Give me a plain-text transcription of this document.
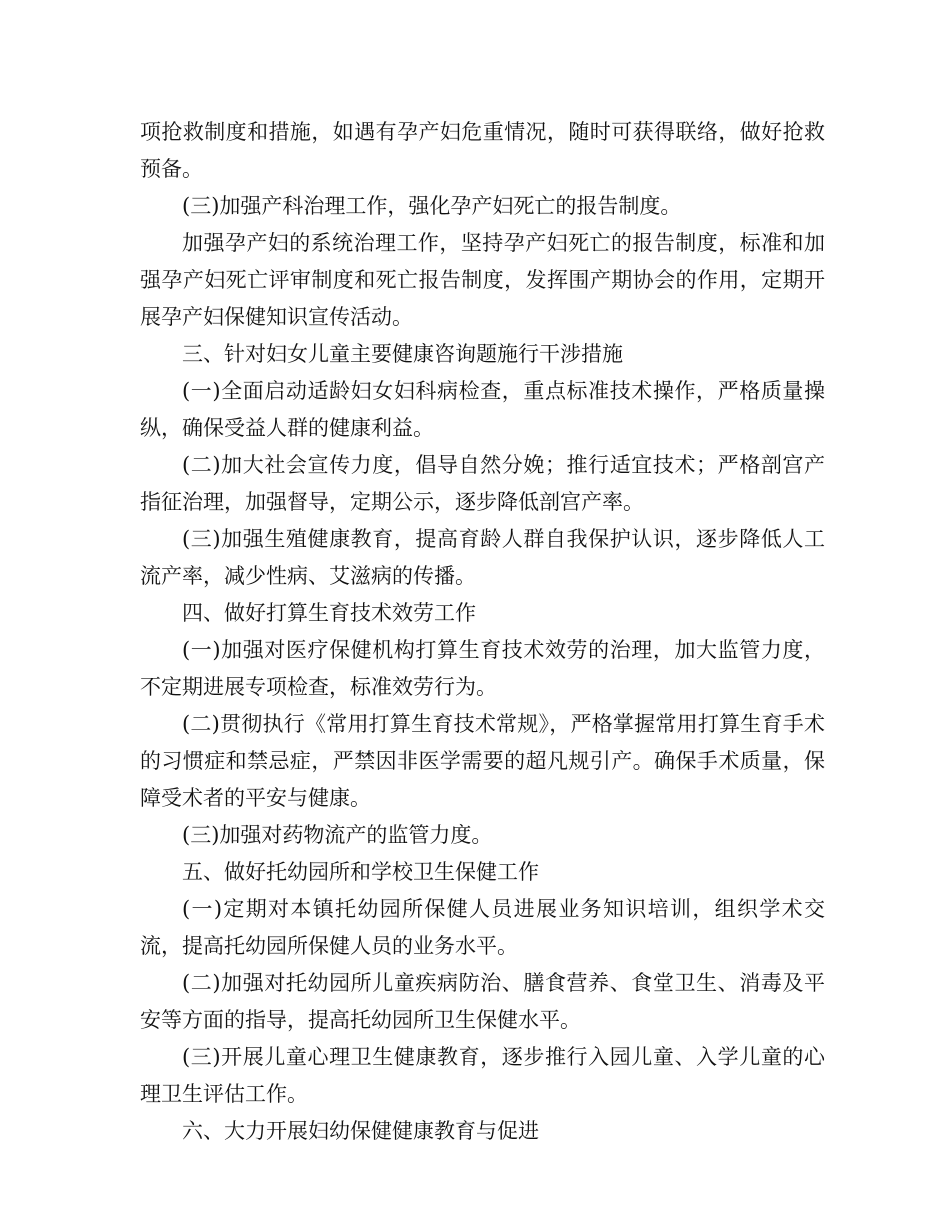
项抢救制度和措施，如遇有孕产妇危重情况，随时可获得联络，做好抢救预备。

(三)加强产科治理工作，强化孕产妇死亡的报告制度。

加强孕产妇的系统治理工作，坚持孕产妇死亡的报告制度，标准和加强孕产妇死亡评审制度和死亡报告制度，发挥围产期协会的作用，定期开展孕产妇保健知识宣传活动。

三、针对妇女儿童主要健康咨询题施行干涉措施

(一)全面启动适龄妇女妇科病检查，重点标准技术操作，严格质量操纵，确保受益人群的健康利益。

(二)加大社会宣传力度，倡导自然分娩；推行适宜技术；严格剖宫产指征治理，加强督导，定期公示，逐步降低剖宫产率。

(三)加强生殖健康教育，提高育龄人群自我保护认识，逐步降低人工流产率，减少性病、艾滋病的传播。

四、做好打算生育技术效劳工作

(一)加强对医疗保健机构打算生育技术效劳的治理，加大监管力度，不定期进展专项检查，标准效劳行为。

(二)贯彻执行《常用打算生育技术常规》，严格掌握常用打算生育手术的习惯症和禁忌症，严禁因非医学需要的超凡规引产。确保手术质量，保障受术者的平安与健康。

(三)加强对药物流产的监管力度。

五、做好托幼园所和学校卫生保健工作

(一)定期对本镇托幼园所保健人员进展业务知识培训，组织学术交流，提高托幼园所保健人员的业务水平。

(二)加强对托幼园所儿童疾病防治、膳食营养、食堂卫生、消毒及平安等方面的指导，提高托幼园所卫生保健水平。

(三)开展儿童心理卫生健康教育，逐步推行入园儿童、入学儿童的心理卫生评估工作。

六、大力开展妇幼保健健康教育与促进
